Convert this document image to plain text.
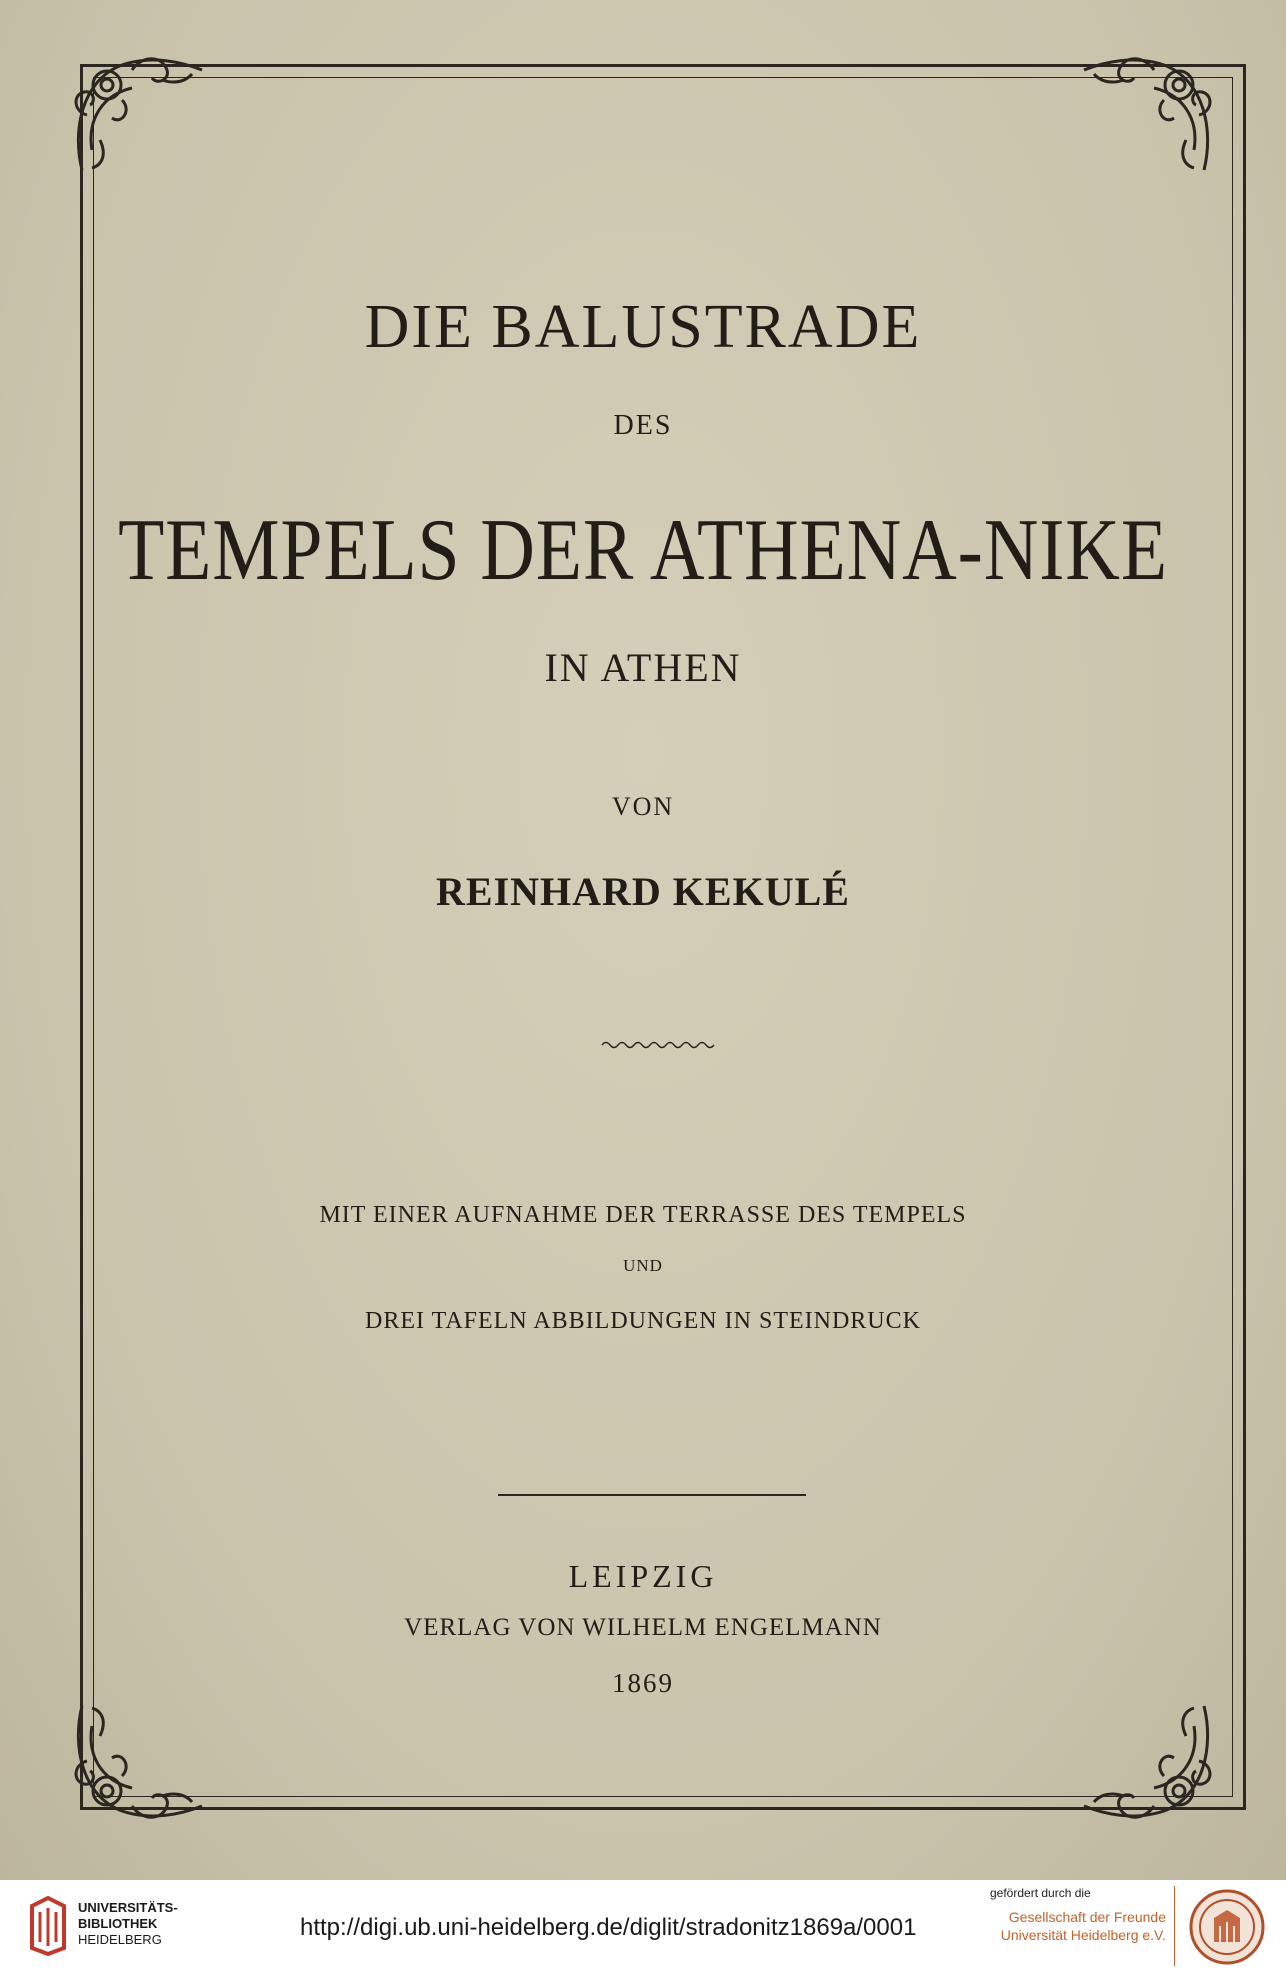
DIE BALUSTRADE
DES
TEMPELS DER ATHENA-NIKE
IN ATHEN
VON
REINHARD KEKULÉ
MIT EINER AUFNAHME DER TERRASSE DES TEMPELS
UND
DREI TAFELN ABBILDUNGEN IN STEINDRUCK
LEIPZIG
VERLAG VON WILHELM ENGELMANN
1869
UNIVERSITÄTS-
BIBLIOTHEK
HEIDELBERG	http://digi.ub.uni-heidelberg.de/diglit/stradonitz1869a/0001
gefördert durch die
Gesellschaft der Freunde
Universität Heidelberg e.V.
